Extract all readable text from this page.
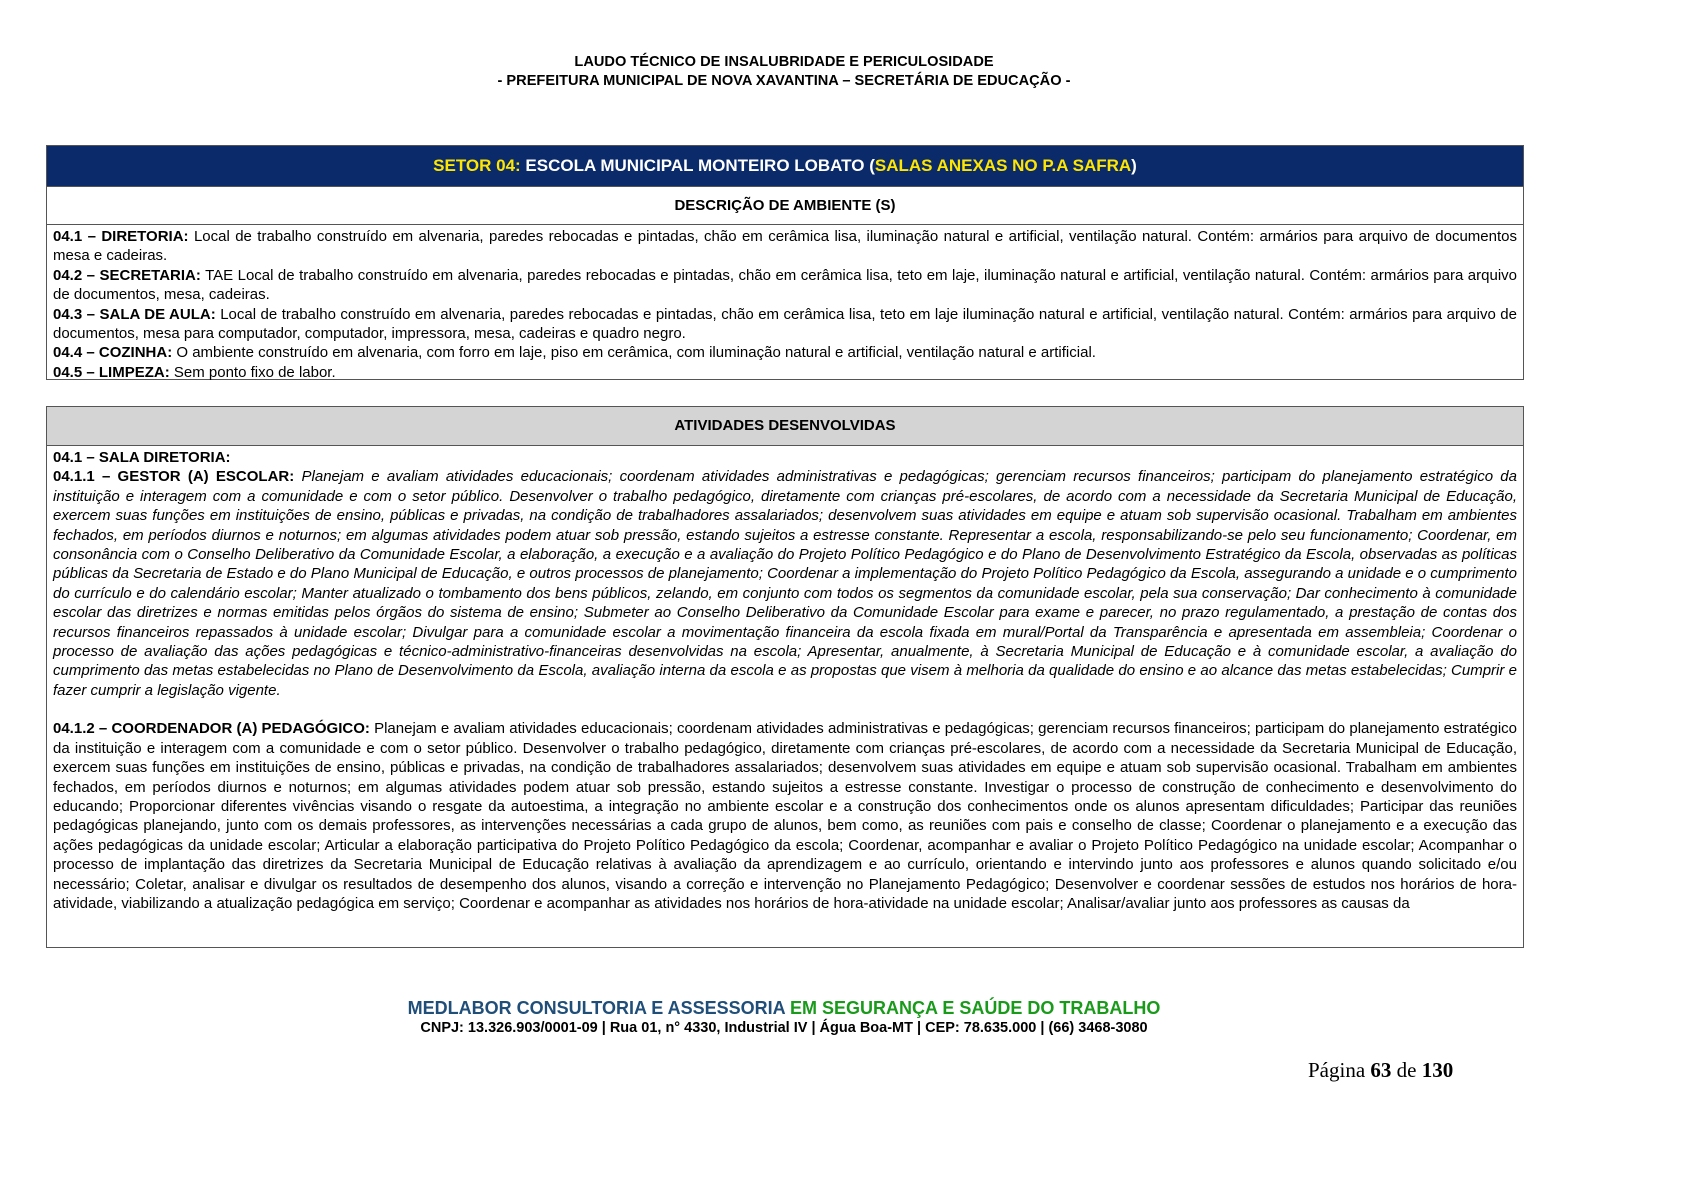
LAUDO TÉCNICO DE INSALUBRIDADE E PERICULOSIDADE
- PREFEITURA MUNICIPAL DE NOVA XAVANTINA – SECRETÁRIA DE EDUCAÇÃO -
SETOR 04: ESCOLA MUNICIPAL MONTEIRO LOBATO (SALAS ANEXAS NO P.A SAFRA)
DESCRIÇÃO DE AMBIENTE (S)

04.1 – DIRETORIA: Local de trabalho construído em alvenaria, paredes rebocadas e pintadas, chão em cerâmica lisa, iluminação natural e artificial, ventilação natural. Contém: armários para arquivo de documentos mesa e cadeiras.

04.2 – SECRETARIA: TAE Local de trabalho construído em alvenaria, paredes rebocadas e pintadas, chão em cerâmica lisa, teto em laje, iluminação natural e artificial, ventilação natural. Contém: armários para arquivo de documentos, mesa, cadeiras.

04.3 – SALA DE AULA: Local de trabalho construído em alvenaria, paredes rebocadas e pintadas, chão em cerâmica lisa, teto em laje iluminação natural e artificial, ventilação natural. Contém: armários para arquivo de documentos, mesa para computador, computador, impressora, mesa, cadeiras e quadro negro.

04.4 – COZINHA: O ambiente construído em alvenaria, com forro em laje, piso em cerâmica, com iluminação natural e artificial, ventilação natural e artificial.

04.5 – LIMPEZA: Sem ponto fixo de labor.

ATIVIDADES DESENVOLVIDAS

04.1 – SALA DIRETORIA:

04.1.1 – GESTOR (A) ESCOLAR: Planejam e avaliam atividades educacionais; coordenam atividades administrativas e pedagógicas; gerenciam recursos financeiros; participam do planejamento estratégico da instituição e interagem com a comunidade e com o setor público. Desenvolver o trabalho pedagógico, diretamente com crianças pré-escolares, de acordo com a necessidade da Secretaria Municipal de Educação, exercem suas funções em instituições de ensino, públicas e privadas, na condição de trabalhadores assalariados; desenvolvem suas atividades em equipe e atuam sob supervisão ocasional. Trabalham em ambientes fechados, em períodos diurnos e noturnos; em algumas atividades podem atuar sob pressão, estando sujeitos a estresse constante. Representar a escola, responsabilizando-se pelo seu funcionamento; Coordenar, em consonância com o Conselho Deliberativo da Comunidade Escolar, a elaboração, a execução e a avaliação do Projeto Político Pedagógico e do Plano de Desenvolvimento Estratégico da Escola, observadas as políticas públicas da Secretaria de Estado e do Plano Municipal de Educação, e outros processos de planejamento; Coordenar a implementação do Projeto Político Pedagógico da Escola, assegurando a unidade e o cumprimento do currículo e do calendário escolar; Manter atualizado o tombamento dos bens públicos, zelando, em conjunto com todos os segmentos da comunidade escolar, pela sua conservação; Dar conhecimento à comunidade escolar das diretrizes e normas emitidas pelos órgãos do sistema de ensino; Submeter ao Conselho Deliberativo da Comunidade Escolar para exame e parecer, no prazo regulamentado, a prestação de contas dos recursos financeiros repassados à unidade escolar; Divulgar para a comunidade escolar a movimentação financeira da escola fixada em mural/Portal da Transparência e apresentada em assembleia; Coordenar o processo de avaliação das ações pedagógicas e técnico-administrativo-financeiras desenvolvidas na escola; Apresentar, anualmente, à Secretaria Municipal de Educação e à comunidade escolar, a avaliação do cumprimento das metas estabelecidas no Plano de Desenvolvimento da Escola, avaliação interna da escola e as propostas que visem à melhoria da qualidade do ensino e ao alcance das metas estabelecidas; Cumprir e fazer cumprir a legislação vigente.

04.1.2 – COORDENADOR (A) PEDAGÓGICO: Planejam e avaliam atividades educacionais; coordenam atividades administrativas e pedagógicas; gerenciam recursos financeiros; participam do planejamento estratégico da instituição e interagem com a comunidade e com o setor público. Desenvolver o trabalho pedagógico, diretamente com crianças pré-escolares, de acordo com a necessidade da Secretaria Municipal de Educação, exercem suas funções em instituições de ensino, públicas e privadas, na condição de trabalhadores assalariados; desenvolvem suas atividades em equipe e atuam sob supervisão ocasional. Trabalham em ambientes fechados, em períodos diurnos e noturnos; em algumas atividades podem atuar sob pressão, estando sujeitos a estresse constante. Investigar o processo de construção de conhecimento e desenvolvimento do educando; Proporcionar diferentes vivências visando o resgate da autoestima, a integração no ambiente escolar e a construção dos conhecimentos onde os alunos apresentam dificuldades; Participar das reuniões pedagógicas planejando, junto com os demais professores, as intervenções necessárias a cada grupo de alunos, bem como, as reuniões com pais e conselho de classe; Coordenar o planejamento e a execução das ações pedagógicas da unidade escolar; Articular a elaboração participativa do Projeto Político Pedagógico da escola; Coordenar, acompanhar e avaliar o Projeto Político Pedagógico na unidade escolar; Acompanhar o processo de implantação das diretrizes da Secretaria Municipal de Educação relativas à avaliação da aprendizagem e ao currículo, orientando e intervindo junto aos professores e alunos quando solicitado e/ou necessário; Coletar, analisar e divulgar os resultados de desempenho dos alunos, visando a correção e intervenção no Planejamento Pedagógico; Desenvolver e coordenar sessões de estudos nos horários de hora-atividade, viabilizando a atualização pedagógica em serviço; Coordenar e acompanhar as atividades nos horários de hora-atividade na unidade escolar; Analisar/avaliar junto aos professores as causas da

MEDLABOR CONSULTORIA E ASSESSORIA EM SEGURANÇA E SAÚDE DO TRABALHO
CNPJ: 13.326.903/0001-09 | Rua 01, n° 4330, Industrial IV | Água Boa-MT | CEP: 78.635.000 | (66) 3468-3080
Página 63 de 130
